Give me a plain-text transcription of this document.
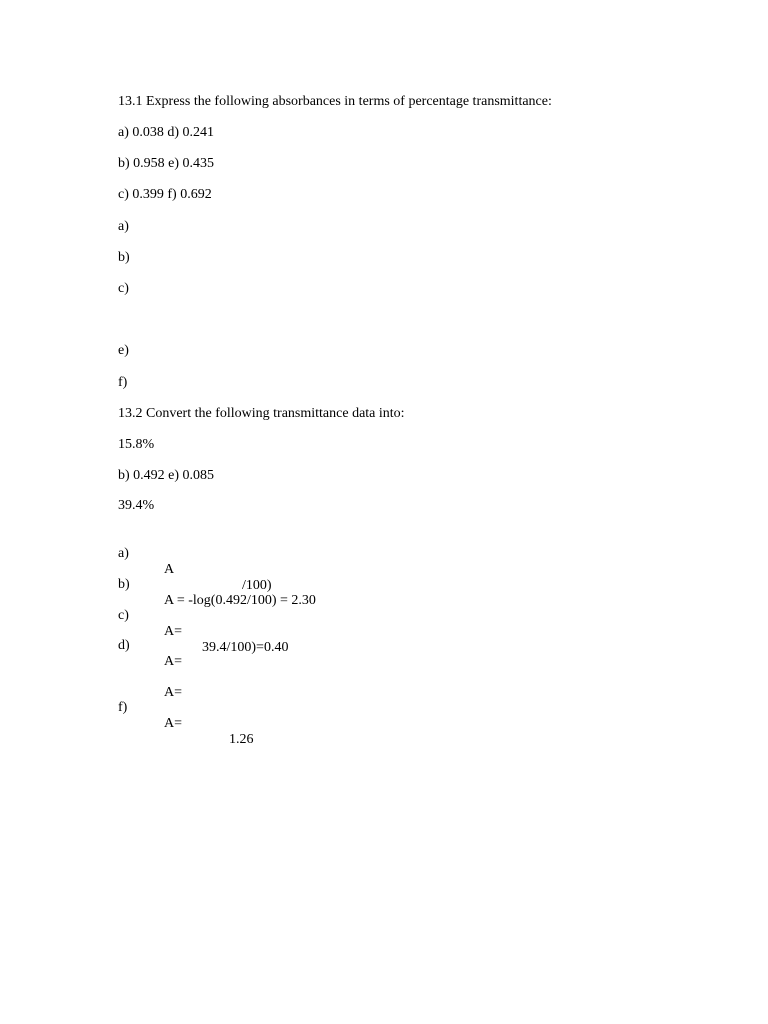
13.1 Express the following absorbances in terms of percentage transmittance:
a) 0.038 d) 0.241
b) 0.958 e) 0.435
c) 0.399 f) 0.692
a)
b)
c)
e)
f)
13.2 Convert the following transmittance data into:
15.8%
b) 0.492 e) 0.085
39.4%

a)

A

/100)

b)

A = -log(0.492/100) = 2.30

c)

A=

39.4/100)=0.40

d)

A=

A=

f)

A=

1.26
